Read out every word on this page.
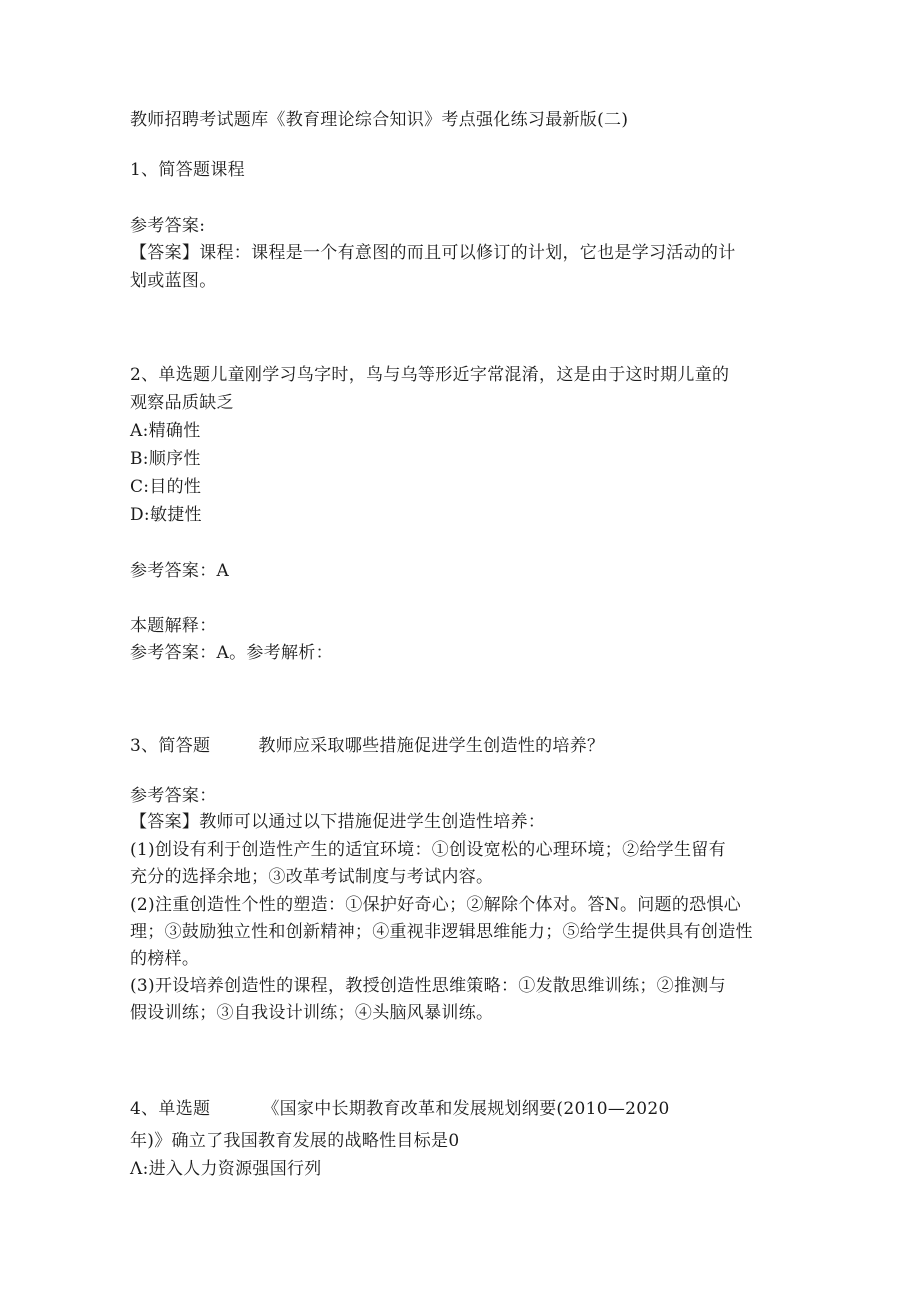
教师招聘考试题库《教育理论综合知识》考点强化练习最新版(二)
1、简答题课程
参考答案:
【答案】课程：课程是一个有意图的而且可以修订的计划，它也是学习活动的计
划或蓝图。
2、单选题儿童刚学习鸟字时，鸟与乌等形近字常混淆，这是由于这时期儿童的
观察品质缺乏
A:精确性
B:顺序性
C:目的性
D:敏捷性
参考答案：A
本题解释：
参考答案：A。参考解析：
3、简答题	教师应采取哪些措施促进学生创造性的培养？
参考答案：
【答案】教师可以通过以下措施促进学生创造性培养：
(1)创设有利于创造性产生的适宜环境：①创设宽松的心理环境；②给学生留有
充分的选择余地；③改革考试制度与考试内容。
(2)注重创造性个性的塑造：①保护好奇心；②解除个体对。答N。问题的恐惧心
理；③鼓励独立性和创新精神；④重视非逻辑思维能力；⑤给学生提供具有创造性
的榜样。
(3)开设培养创造性的课程，教授创造性思维策略：①发散思维训练；②推测与
假设训练；③自我设计训练；④头脑风暴训练。
4、单选题	《国家中长期教育改革和发展规划纲要(2010—2020
年)》确立了我国教育发展的战略性目标是0
Λ:进入人力资源强国行列
